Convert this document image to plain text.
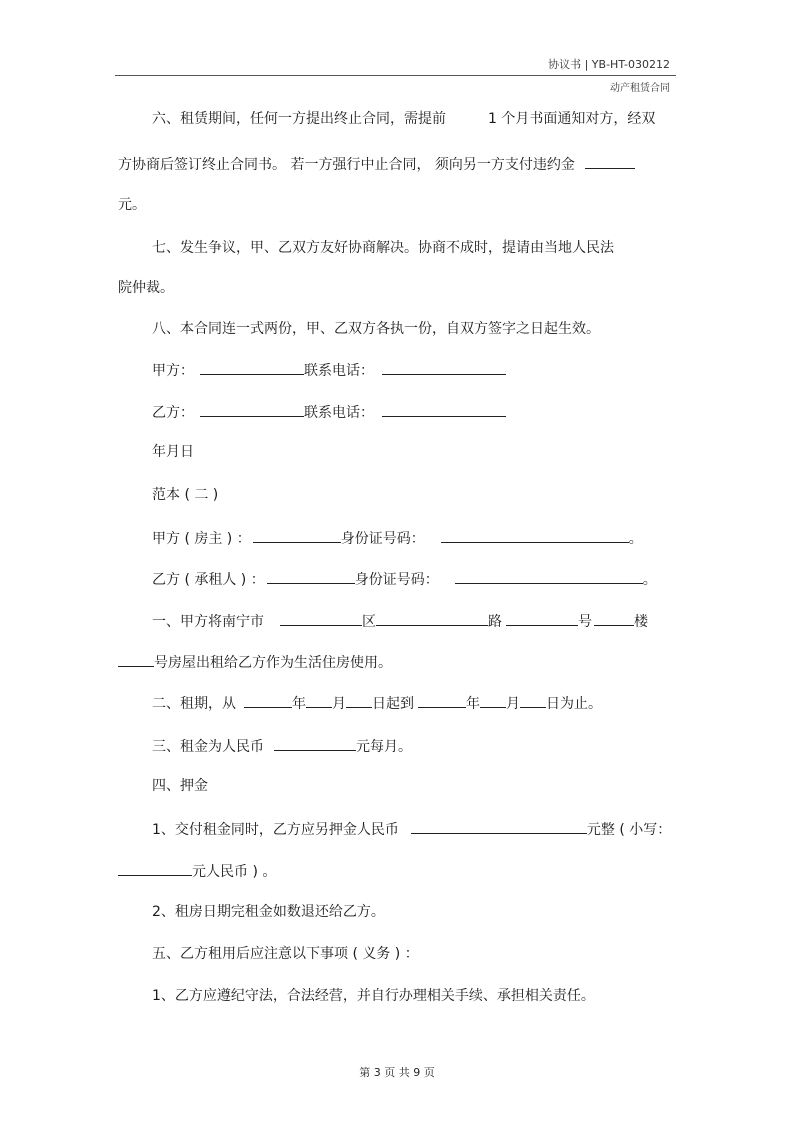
协议书 | YB-HT-030212
动产租赁合同
六、租赁期间，任何一方提出终止合同，需提前	1 个月书面通知对方，经双
方协商后签订终止合同书。 若一方强行中止合同， 须向另一方支付违约金
元。
七、发生争议，甲、乙双方友好协商解决。协商不成时，提请由当地人民法
院仲裁。
八、本合同连一式两份，甲、乙双方各执一份，自双方签字之日起生效。
甲方：	联系电话：
乙方：	联系电话：
年月日
范本 ( 二 )
甲方 ( 房主 ) ：	身份证号码：	。
乙方 ( 承租人 ) ：	身份证号码：	。
一、甲方将南宁市	区	路	号	楼
号房屋出租给乙方作为生活住房使用。
二、租期，从	年 月 日起到	年 月 日为止。
三、租金为人民币	元每月。
四、押金
1、交付租金同时，乙方应另押金人民币	元整 ( 小写：
元人民币 ) 。
2、租房日期完租金如数退还给乙方。
五、乙方租用后应注意以下事项 ( 义务 ) ：
1、乙方应遵纪守法，合法经营，并自行办理相关手续、承担相关责任。
第 3 页 共 9 页
